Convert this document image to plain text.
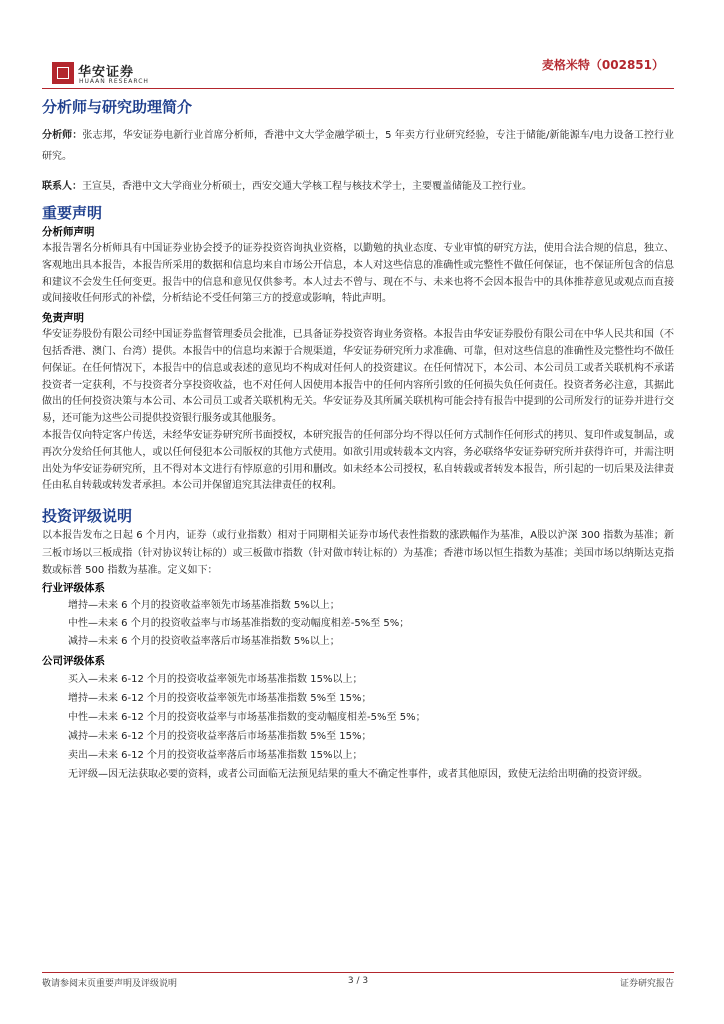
华安证券
HUAAN RESEARCH
麦格米特（002851）
分析师与研究助理简介

分析师：张志邦，华安证券电新行业首席分析师，香港中文大学金融学硕士，5 年卖方行业研究经验，专注于储能/新能源车/电力设备工控行业研究。

联系人：王宣昊，香港中文大学商业分析硕士，西安交通大学核工程与核技术学士，主要覆盖储能及工控行业。

重要声明
分析师声明

本报告署名分析师具有中国证券业协会授予的证券投资咨询执业资格，以勤勉的执业态度、专业审慎的研究方法，使用合法合规的信息，独立、客观地出具本报告，本报告所采用的数据和信息均来自市场公开信息，本人对这些信息的准确性或完整性不做任何保证，也不保证所包含的信息和建议不会发生任何变更。报告中的信息和意见仅供参考。本人过去不曾与、现在不与、未来也将不会因本报告中的具体推荐意见或观点而直接或间接收任何形式的补偿，分析结论不受任何第三方的授意或影响，特此声明。

免责声明

华安证券股份有限公司经中国证券监督管理委员会批准，已具备证券投资咨询业务资格。本报告由华安证券股份有限公司在中华人民共和国（不包括香港、澳门、台湾）提供。本报告中的信息均来源于合规渠道，华安证券研究所力求准确、可靠，但对这些信息的准确性及完整性均不做任何保证。在任何情况下，本报告中的信息或表述的意见均不构成对任何人的投资建议。在任何情况下，本公司、本公司员工或者关联机构不承诺投资者一定获利，不与投资者分享投资收益，也不对任何人因使用本报告中的任何内容所引致的任何损失负任何责任。投资者务必注意，其据此做出的任何投资决策与本公司、本公司员工或者关联机构无关。华安证券及其所属关联机构可能会持有报告中提到的公司所发行的证券并进行交易，还可能为这些公司提供投资银行服务或其他服务。

本报告仅向特定客户传送，未经华安证券研究所书面授权，本研究报告的任何部分均不得以任何方式制作任何形式的拷贝、复印件或复制品，或再次分发给任何其他人，或以任何侵犯本公司版权的其他方式使用。如欲引用或转载本文内容，务必联络华安证券研究所并获得许可，并需注明出处为华安证券研究所，且不得对本文进行有悖原意的引用和删改。如未经本公司授权，私自转载或者转发本报告，所引起的一切后果及法律责任由私自转载或转发者承担。本公司并保留追究其法律责任的权利。

投资评级说明

以本报告发布之日起 6 个月内，证券（或行业指数）相对于同期相关证券市场代表性指数的涨跌幅作为基准，A股以沪深 300 指数为基准；新三板市场以三板成指（针对协议转让标的）或三板做市指数（针对做市转让标的）为基准；香港市场以恒生指数为基准；美国市场以纳斯达克指数或标普 500 指数为基准。定义如下：

行业评级体系
增持—未来 6 个月的投资收益率领先市场基准指数 5%以上；
中性—未来 6 个月的投资收益率与市场基准指数的变动幅度相差-5%至 5%；
减持—未来 6 个月的投资收益率落后市场基准指数 5%以上；
公司评级体系
买入—未来 6-12 个月的投资收益率领先市场基准指数 15%以上；
增持—未来 6-12 个月的投资收益率领先市场基准指数 5%至 15%；
中性—未来 6-12 个月的投资收益率与市场基准指数的变动幅度相差-5%至 5%；
减持—未来 6-12 个月的投资收益率落后市场基准指数 5%至 15%；
卖出—未来 6-12 个月的投资收益率落后市场基准指数 15%以上；

无评级—因无法获取必要的资料，或者公司面临无法预见结果的重大不确定性事件，或者其他原因，致使无法给出明确的投资评级。

敬请参阅末页重要声明及评级说明	3 / 3	证券研究报告
